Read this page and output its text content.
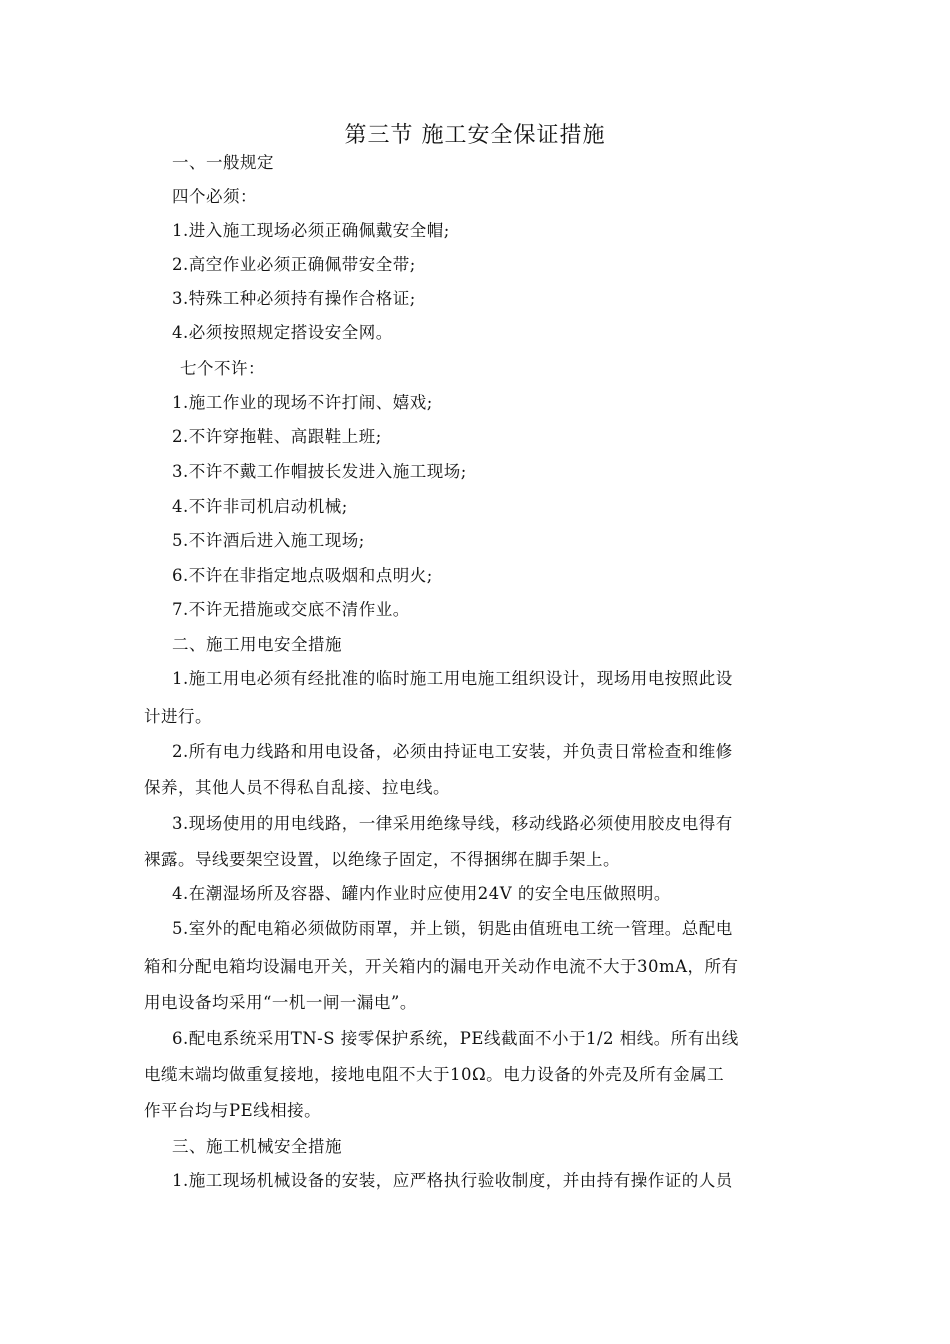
第三节 施工安全保证措施

一、一般规定

四个必须：

1.进入施工现场必须正确佩戴安全帽;

2.高空作业必须正确佩带安全带;

3.特殊工种必须持有操作合格证;

4.必须按照规定搭设安全网。

七个不许：

1.施工作业的现场不许打闹、嬉戏;

2.不许穿拖鞋、高跟鞋上班;

3.不许不戴工作帽披长发进入施工现场;

4.不许非司机启动机械;

5.不许酒后进入施工现场;

6.不许在非指定地点吸烟和点明火;

7.不许无措施或交底不清作业。

二、施工用电安全措施

1.施工用电必须有经批准的临时施工用电施工组织设计，现场用电按照此设

计进行。

2.所有电力线路和用电设备，必须由持证电工安装，并负责日常检查和维修

保养，其他人员不得私自乱接、拉电线。

3.现场使用的用电线路，一律采用绝缘导线，移动线路必须使用胶皮电得有

裸露。导线要架空设置，以绝缘子固定，不得捆绑在脚手架上。

4.在潮湿场所及容器、罐内作业时应使用24V 的安全电压做照明。

5.室外的配电箱必须做防雨罩，并上锁，钥匙由值班电工统一管理。总配电

箱和分配电箱均设漏电开关，开关箱内的漏电开关动作电流不大于30mA，所有

用电设备均采用“一机一闸一漏电”。

6.配电系统采用TN-S 接零保护系统，PE线截面不小于1/2 相线。所有出线

电缆末端均做重复接地，接地电阻不大于10Ω。电力设备的外壳及所有金属工

作平台均与PE线相接。

三、施工机械安全措施

1.施工现场机械设备的安装，应严格执行验收制度，并由持有操作证的人员
